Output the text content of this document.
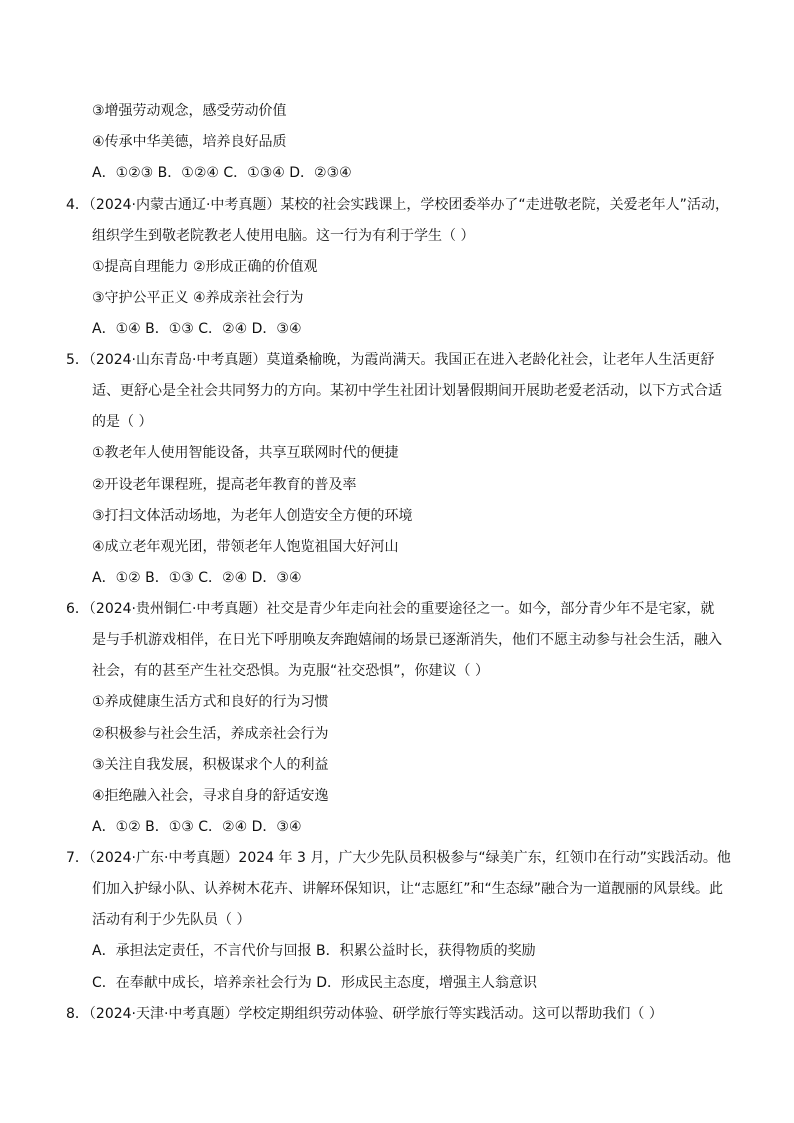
③增强劳动观念，感受劳动价值
④传承中华美德，培养良好品质
A．①②③ B．①②④ C．①③④ D．②③④
4．（2024·内蒙古通辽·中考真题）某校的社会实践课上，学校团委举办了“走进敬老院，关爱老年人”活动，
组织学生到敬老院教老人使用电脑。这一行为有利于学生（ ）
①提高自理能力 ②形成正确的价值观
③守护公平正义 ④养成亲社会行为
A．①④ B．①③ C．②④ D．③④
5．（2024·山东青岛·中考真题）莫道桑榆晚，为霞尚满天。我国正在进入老龄化社会，让老年人生活更舒
适、更舒心是全社会共同努力的方向。某初中学生社团计划暑假期间开展助老爱老活动，以下方式合适
的是（ ）
①教老年人使用智能设备，共享互联网时代的便捷
②开设老年课程班，提高老年教育的普及率
③打扫文体活动场地，为老年人创造安全方便的环境
④成立老年观光团，带领老年人饱览祖国大好河山
A．①② B．①③ C．②④ D．③④
6．（2024·贵州铜仁·中考真题）社交是青少年走向社会的重要途径之一。如今，部分青少年不是宅家，就
是与手机游戏相伴，在日光下呼朋唤友奔跑嬉闹的场景已逐渐消失，他们不愿主动参与社会生活，融入
社会，有的甚至产生社交恐惧。为克服“社交恐惧”，你建议（ ）
①养成健康生活方式和良好的行为习惯
②积极参与社会生活，养成亲社会行为
③关注自我发展，积极谋求个人的利益
④拒绝融入社会，寻求自身的舒适安逸
A．①② B．①③ C．②④ D．③④
7．（2024·广东·中考真题）2024 年 3 月，广大少先队员积极参与“绿美广东，红领巾在行动”实践活动。他
们加入护绿小队、认养树木花卉、讲解环保知识，让“志愿红”和“生态绿”融合为一道靓丽的风景线。此
活动有利于少先队员（ ）
A．承担法定责任，不言代价与回报 B．积累公益时长，获得物质的奖励
C．在奉献中成长，培养亲社会行为 D．形成民主态度，增强主人翁意识
8．（2024·天津·中考真题）学校定期组织劳动体验、研学旅行等实践活动。这可以帮助我们（ ）
